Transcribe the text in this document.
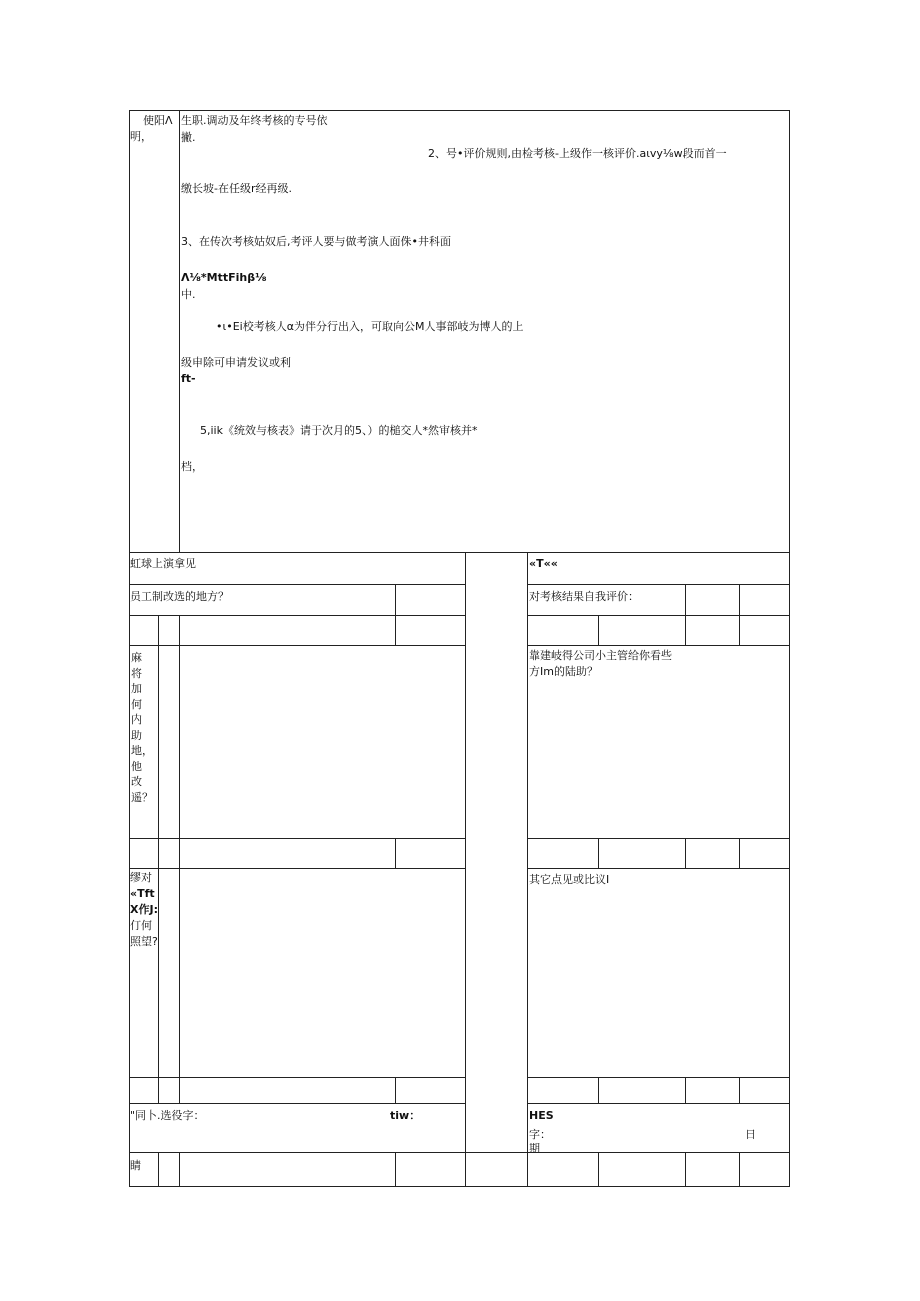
使阳Λ
明，
生职.调动及年终考核的专号依
撇.
2、号•评价规则,由检考核-上级作一核评价.aιvy⅛w段而首一
缴长坡-在任级r经再级.
3、在传次考核姑奴后,考评人要与做考演人面侏•井科面
Λ⅛*MttFihβ⅛
中.
•ι•Ei校考核人α为伴分行出入，可取向公M人事部岐为博人的上
级申除可申请发议或利
ft-
5,iik《统效与核表》请于次月的5、）的槌交人*然审核并*
档，
虹球上演拿见
员工制改选的地方？
麻将加何内助地，他改遥？
缪对
«Tft
X作J:
仃何
照望?
"同卜.选役字：	tiw：
睛
«T««
对考核结果自我评价：
靠建岐得公司小主管给你看些
方Im的陆助？
其它点见或比议I
HES
字：	日
期
